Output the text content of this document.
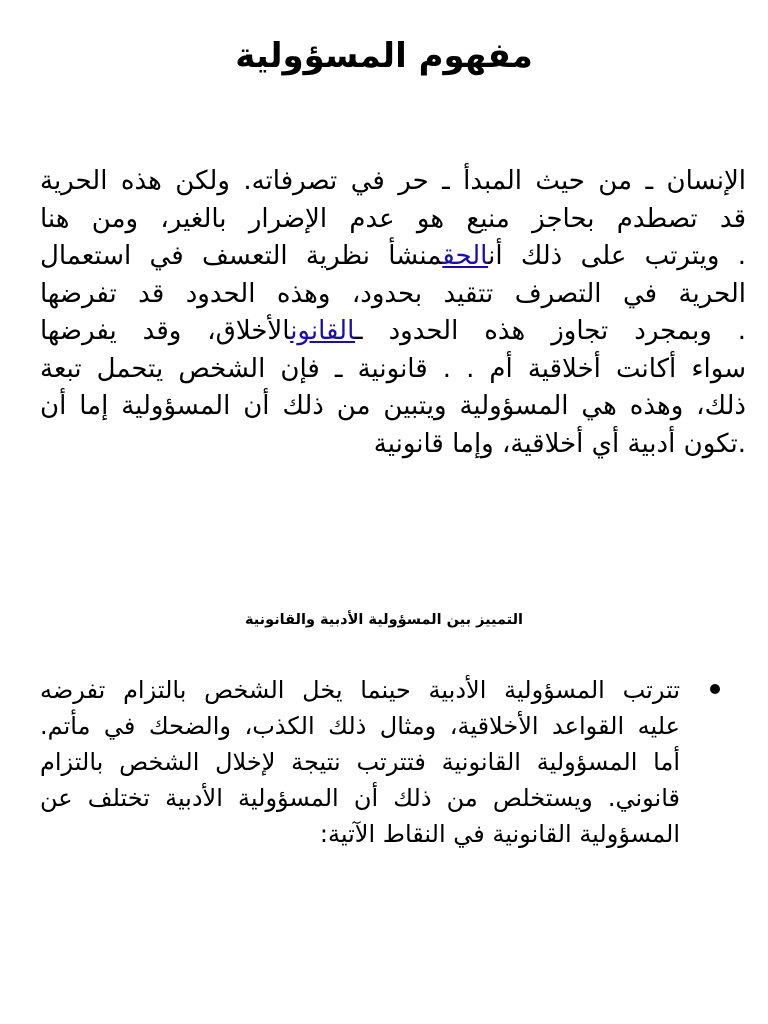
مفهوم المسؤولية
الإنسان ـ من حيث المبدأ ـ حر في تصرفاته. ولكن هذه الحرية
قد تصطدم بحاجز منيع هو عدم الإضرار بالغير، ومن هنا
. ويترتب على ذلك أنالحقمنشأ نظرية التعسف في استعمال
الحرية في التصرف تتقيد بحدود، وهذه الحدود قد تفرضها
. وبمجرد تجاوز هذه الحدود ـالقانونالأخلاق، وقد يفرضها
سواء أكانت أخلاقية أم . . قانونية ـ فإن الشخص يتحمل تبعة
ذلك، وهذه هي المسؤولية ويتبين من ذلك أن المسؤولية إما أن
.تكون أدبية أي أخلاقية، وإما قانونية
التمييز بين المسؤولية الأدبية والقانونية
تترتب المسؤولية الأدبية حينما يخل الشخص بالتزام تفرضه
عليه القواعد الأخلاقية، ومثال ذلك الكذب، والضحك في مأتم.
أما المسؤولية القانونية فتترتب نتيجة لإخلال الشخص بالتزام
قانوني. ويستخلص من ذلك أن المسؤولية الأدبية تختلف عن
المسؤولية القانونية في النقاط الآتية:
